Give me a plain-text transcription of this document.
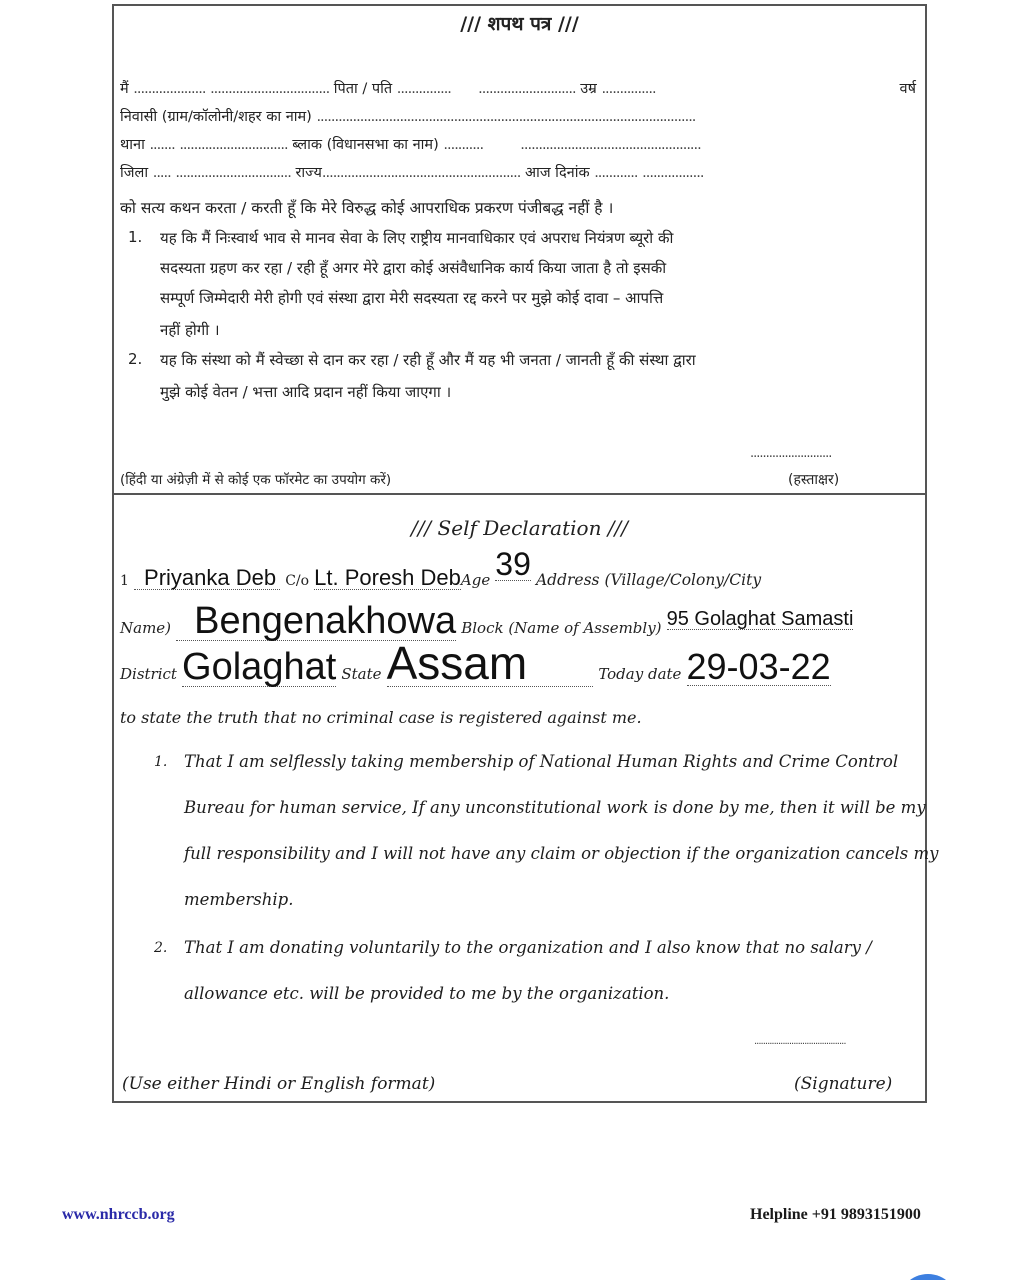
/// शपथ पत्र ///
मैं .................... ................................. पिता / पति ............... ........................... उम्र ...............	वर्ष
निवासी (ग्राम/कॉलोनी/शहर का नाम) .........................................................................................................
थाना ....... .............................. ब्लाक (विधानसभा का नाम) ...........	..................................................
जिला ..... ................................ राज्य....................................................... आज दिनांक ............ .................
को सत्य कथन करता / करती हूँ कि मेरे विरुद्ध कोई आपराधिक प्रकरण पंजीबद्ध नहीं है ।
1. यह कि मैं निःस्वार्थ भाव से मानव सेवा के लिए राष्ट्रीय मानवाधिकार एवं अपराध नियंत्रण ब्यूरो की
सदस्यता ग्रहण कर रहा / रही हूँ अगर मेरे द्वारा कोई असंवैधानिक कार्य किया जाता है तो इसकी
सम्पूर्ण जिम्मेदारी मेरी होगी एवं संस्था द्वारा मेरी सदस्यता रद्द करने पर मुझे कोई दावा – आपत्ति
नहीं होगी ।
2. यह कि संस्था को मैं स्वेच्छा से दान कर रहा / रही हूँ और मैं यह भी जनता / जानती हूँ की संस्था द्वारा
मुझे कोई वेतन / भत्ता आदि प्रदान नहीं किया जाएगा ।
..........................
(हिंदी या अंग्रेज़ी में से कोई एक फॉरमेट का उपयोग करें)	(हस्ताक्षर)
/// Self Declaration ///
1 Priyanka Deb C/o Lt. Poresh DebAge 39 Address (Village/Colony/City
Name) Bengenakhowa Block (Name of Assembly) 95 Golaghat Samasti
District Golaghat State Assam	Today date 29-03-22
to state the truth that no criminal case is registered against me.
1. That I am selflessly taking membership of National Human Rights and Crime Control
Bureau for human service, If any unconstitutional work is done by me, then it will be my
full responsibility and I will not have any claim or objection if the organization cancels my
membership.
2. That I am donating voluntarily to the organization and I also know that no salary /
allowance etc. will be provided to me by the organization.
..........................................
(Use either Hindi or English format)	(Signature)
www.nhrccb.org	Helpline +91 9893151900
